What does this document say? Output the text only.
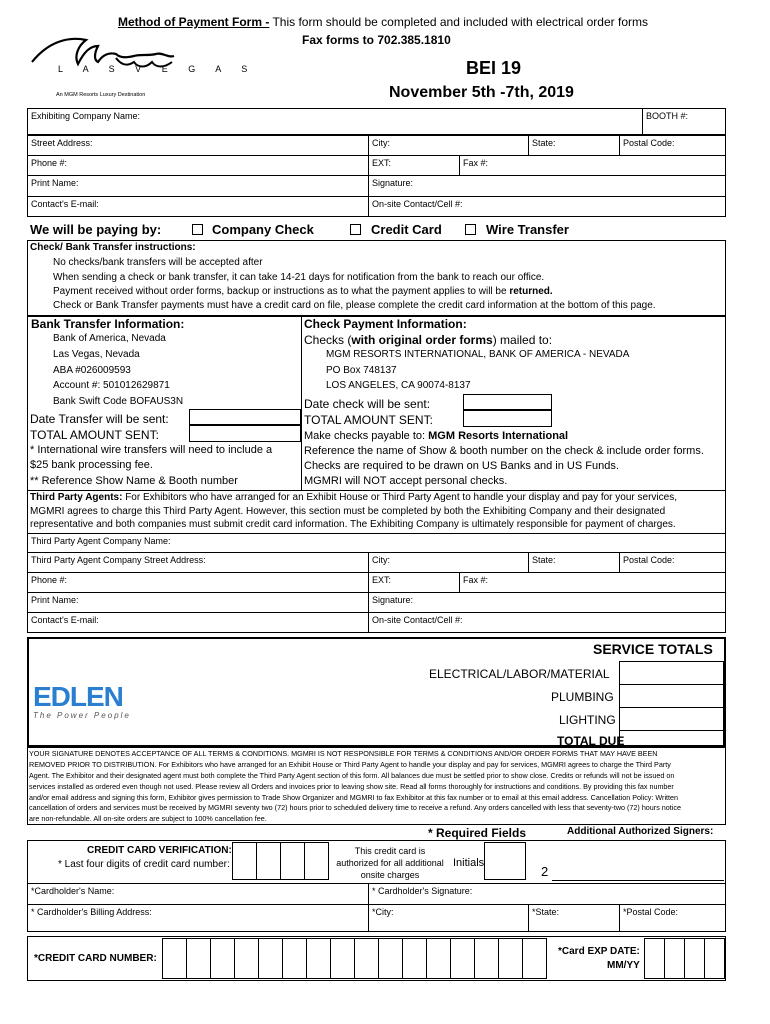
Method of Payment Form - This form should be completed and included with electrical order forms
Fax forms to 702.385.1810
L A S V E G A S
An MGM Resorts Luxury Destination
BEI 19
November 5th -7th, 2019
Exhibiting Company Name:	BOOTH #:
Street Address:	City:	State:	Postal Code:
Phone #:	EXT:	Fax #:
Print Name:	Signature:
Contact's E-mail:	On-site Contact/Cell #:
We will be paying by:	Company Check	Credit Card	Wire Transfer
Check/ Bank Transfer instructions:
No checks/bank transfers will be accepted after
When sending a check or bank transfer, it can take 14-21 days for notification from the bank to reach our office.
Payment received without order forms, backup or instructions as to what the payment applies to will be returned.
Check or Bank Transfer payments must have a credit card on file, please complete the credit card information at the bottom of this page.
Bank Transfer Information:
Bank of America, Nevada
Las Vegas, Nevada
ABA #026009593
Account #: 501012629871
Bank Swift Code BOFAUS3N
Date Transfer will be sent:
TOTAL AMOUNT SENT:
* International wire transfers will need to include a
$25 bank processing fee.
** Reference Show Name & Booth number
Check Payment Information:
Checks (with original order forms) mailed to:
MGM RESORTS INTERNATIONAL, BANK OF AMERICA - NEVADA
PO Box 748137
LOS ANGELES, CA 90074-8137
Date check will be sent:
TOTAL AMOUNT SENT:
Make checks payable to: MGM Resorts International
Reference the name of Show & booth number on the check & include order forms.
Checks are required to be drawn on US Banks and in US Funds.
MGMRI will NOT accept personal checks.
Third Party Agents: For Exhibitors who have arranged for an Exhibit House or Third Party Agent to handle your display and pay for your services,
MGMRI agrees to charge this Third Party Agent. However, this section must be completed by both the Exhibiting Company and their designated
representative and both companies must submit credit card information. The Exhibiting Company is ultimately responsible for payment of charges.
Third Party Agent Company Name:
Third Party Agent Company Street Address:	City:	State:	Postal Code:
Phone #:	EXT:	Fax #:
Print Name:	Signature:
Contact's E-mail:	On-site Contact/Cell #:
SERVICE TOTALS
EDLEN
The Power People
ELECTRICAL/LABOR/MATERIAL
PLUMBING
LIGHTING
TOTAL DUE
YOUR SIGNATURE DENOTES ACCEPTANCE OF ALL TERMS & CONDITIONS. MGMRI IS NOT RESPONSIBLE FOR TERMS & CONDITIONS AND/OR ORDER FORMS THAT MAY HAVE BEEN
REMOVED PRIOR TO DISTRIBUTION. For Exhibitors who have arranged for an Exhibit House or Third Party Agent to handle your display and pay for services, MGMRI agrees to charge the Third Party
Agent. The Exhibitor and their designated agent must both complete the Third Party Agent section of this form. All balances due must be settled prior to show close. Credits or refunds will not be issued on
services installed as ordered even though not used. Please review all Orders and invoices prior to leaving show site. Read all forms thoroughly for instructions and conditions. By providing this fax number
and/or email address and signing this form, Exhibitor gives permission to Trade Show Organizer and MGMRI to fax Exhibitor at this fax number or to email at this email address. Cancellation Policy: Written
cancellation of orders and services must be received by MGMRI seventy two (72) hours prior to scheduled delivery time to receive a refund. Any orders cancelled with less that seventy-two (72) hours notice
are non-refundable. All on-site orders are subject to 100% cancellation fee.
* Required Fields	Additional Authorized Signers:
CREDIT CARD VERIFICATION:
* Last four digits of credit card number:
This credit card is
authorized for all additional
onsite charges
Initials
2
*Cardholder's Name:	* Cardholder's Signature:
* Cardholder's Billing Address:	*City:	*State:	*Postal Code:
*CREDIT CARD NUMBER:
*Card EXP DATE:
MM/YY
